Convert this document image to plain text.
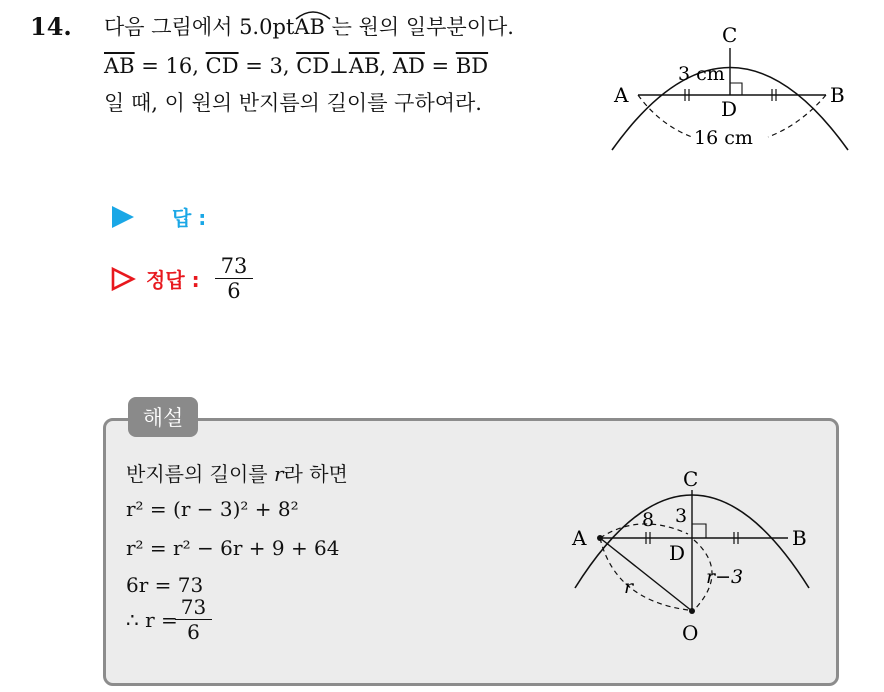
14. 다음 그림에서 5.0pt
AB 는 원의 일부분이다.
$\overline{AB} = 16$, $\overline{CD} = 3$, $\overline{CD}\perp\overline{AB}$, $\overline{AD} = \overline{BD}$
일 때, 이 원의 반지름의 길이를 구하여라.
C
A	B
D
3 cm
16 cm
답 :
정답 : $\frac{73}{6}$
해설
반지름의 길이를 r라 하면
r² = (r − 3)² + 8²
r² = r² − 6r + 9 + 64
6r = 73
∴ $r = \frac{73}{6}$
C
A	B
D
O
8 3
r	r−3
